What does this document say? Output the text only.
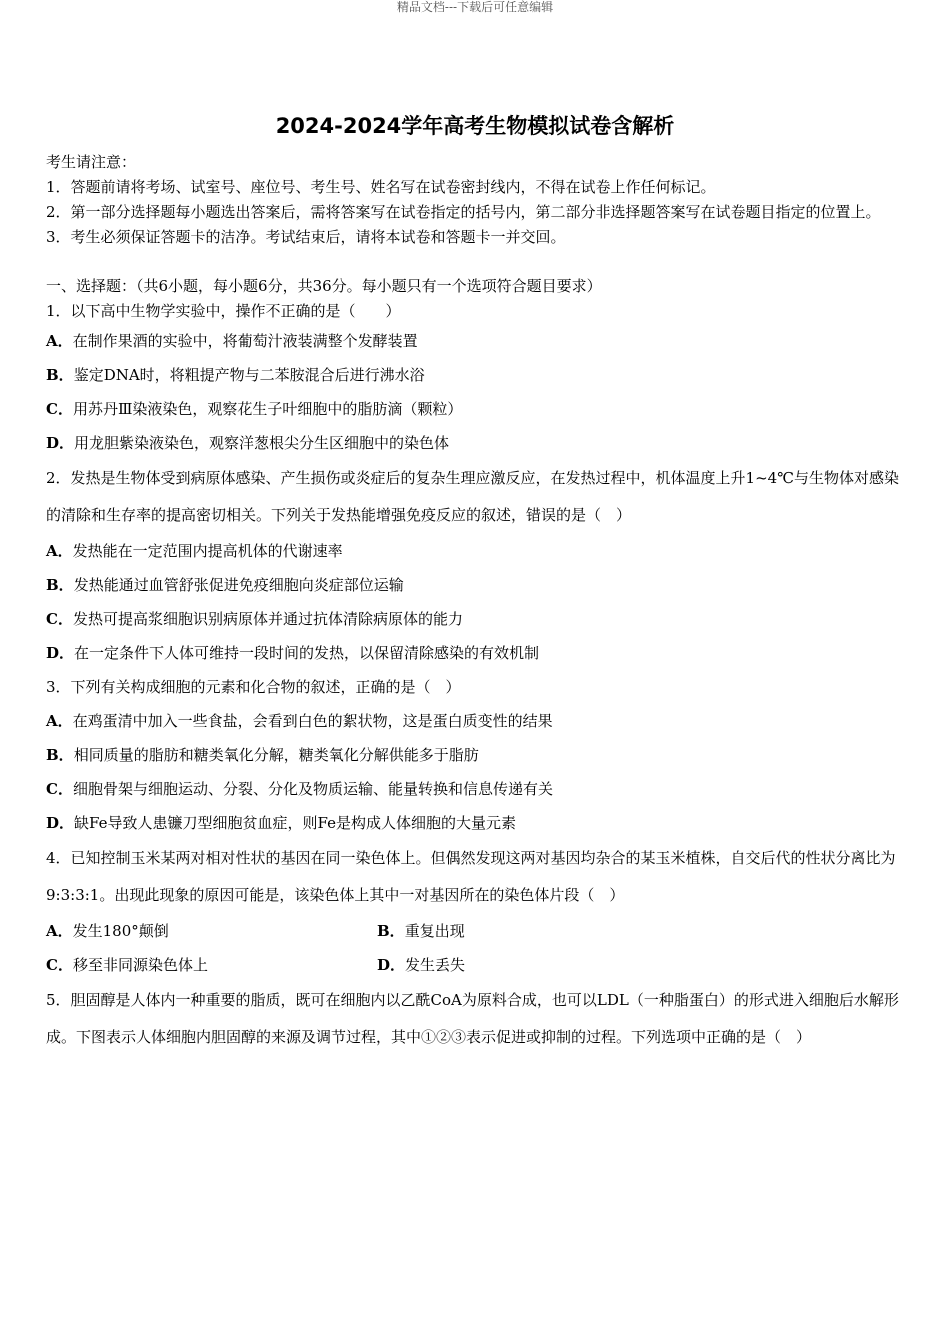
精品文档---下载后可任意编辑
2024-2024学年高考生物模拟试卷含解析

考生请注意：

1．答题前请将考场、试室号、座位号、考生号、姓名写在试卷密封线内，不得在试卷上作任何标记。

2．第一部分选择题每小题选出答案后，需将答案写在试卷指定的括号内，第二部分非选择题答案写在试卷题目指定的位置上。

3．考生必须保证答题卡的洁净。考试结束后，请将本试卷和答题卡一并交回。

一、选择题：（共6小题，每小题6分，共36分。每小题只有一个选项符合题目要求）

1．以下高中生物学实验中，操作不正确的是（　　）

A．在制作果酒的实验中，将葡萄汁液装满整个发酵装置

B．鉴定DNA时，将粗提产物与二苯胺混合后进行沸水浴

C．用苏丹Ⅲ染液染色，观察花生子叶细胞中的脂肪滴（颗粒）

D．用龙胆紫染液染色，观察洋葱根尖分生区细胞中的染色体

2．发热是生物体受到病原体感染、产生损伤或炎症后的复杂生理应激反应，在发热过程中，机体温度上升1~4℃与生物体对感染的清除和生存率的提高密切相关。下列关于发热能增强免疫反应的叙述，错误的是（　）

A．发热能在一定范围内提高机体的代谢速率

B．发热能通过血管舒张促进免疫细胞向炎症部位运输

C．发热可提高浆细胞识别病原体并通过抗体清除病原体的能力

D．在一定条件下人体可维持一段时间的发热，以保留清除感染的有效机制

3．下列有关构成细胞的元素和化合物的叙述，正确的是（　）

A．在鸡蛋清中加入一些食盐，会看到白色的絮状物，这是蛋白质变性的结果

B．相同质量的脂肪和糖类氧化分解，糖类氧化分解供能多于脂肪

C．细胞骨架与细胞运动、分裂、分化及物质运输、能量转换和信息传递有关

D．缺Fe导致人患镰刀型细胞贫血症，则Fe是构成人体细胞的大量元素

4．已知控制玉米某两对相对性状的基因在同一染色体上。但偶然发现这两对基因均杂合的某玉米植株，自交后代的性状分离比为9:3:3:1。出现此现象的原因可能是，该染色体上其中一对基因所在的染色体片段（　）

A．发生180°颠倒	B．重复出现
C．移至非同源染色体上	D．发生丢失

5．胆固醇是人体内一种重要的脂质，既可在细胞内以乙酰CoA为原料合成，也可以LDL（一种脂蛋白）的形式进入细胞后水解形成。下图表示人体细胞内胆固醇的来源及调节过程，其中①②③表示促进或抑制的过程。下列选项中正确的是（　）
